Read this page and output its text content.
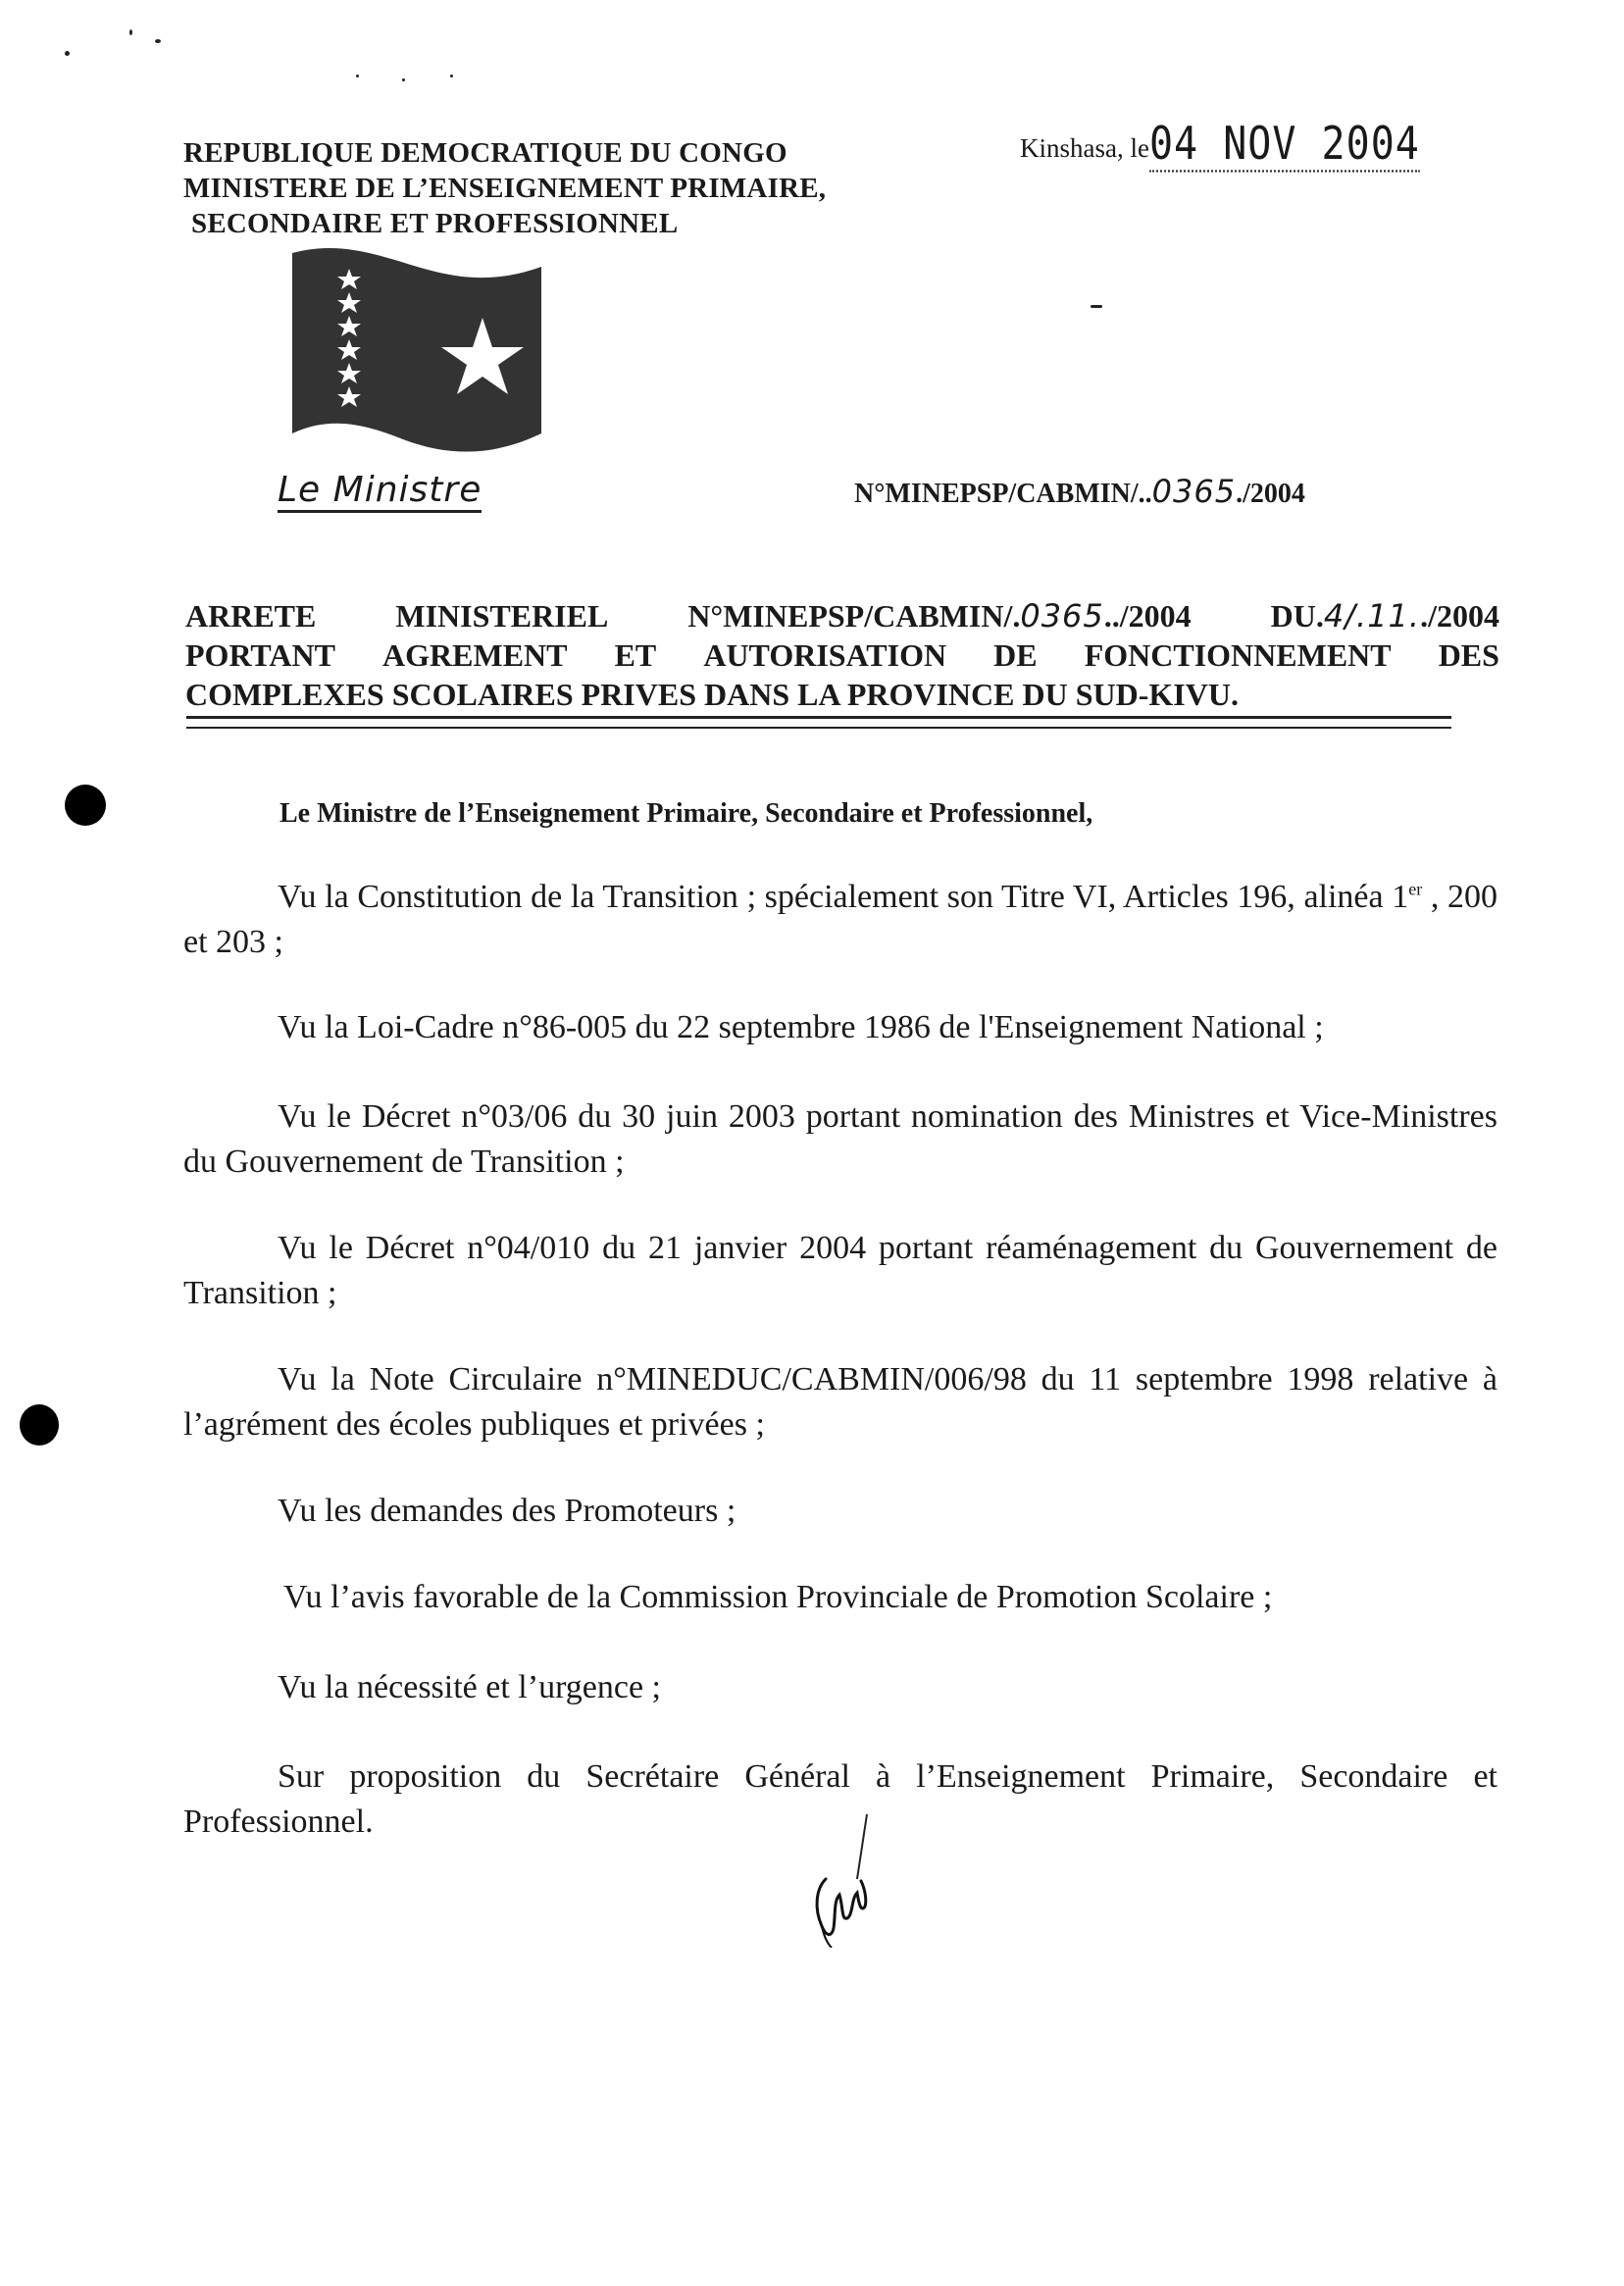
REPUBLIQUE DEMOCRATIQUE DU CONGO
MINISTERE DE L’ENSEIGNEMENT PRIMAIRE,
SECONDAIRE ET PROFESSIONNEL
Kinshasa, le04 NOV 2004
Le Ministre	N°MINEPSP/CABMIN/..0365./2004
ARRETE	MINISTERIEL	N°MINEPSP/CABMIN/.0365../2004	DU.4/.11../2004
PORTANT AGREMENT ET AUTORISATION DE FONCTIONNEMENT DES
COMPLEXES SCOLAIRES PRIVES DANS LA PROVINCE DU SUD-KIVU.
Le Ministre de l’Enseignement Primaire, Secondaire et Professionnel,
Vu la Constitution de la Transition ; spécialement son Titre VI, Articles 196, alinéa 1er , 200 et 203 ;
Vu la Loi-Cadre n°86-005 du 22 septembre 1986 de l'Enseignement National ;
Vu le Décret n°03/06 du 30 juin 2003 portant nomination des Ministres et Vice-Ministres du Gouvernement de Transition ;
Vu le Décret n°04/010 du 21 janvier 2004 portant réaménagement du Gouvernement de Transition ;
Vu la Note Circulaire n°MINEDUC/CABMIN/006/98 du 11 septembre 1998 relative à l’agrément des écoles publiques et privées ;
Vu les demandes des Promoteurs ;
Vu l’avis favorable de la Commission Provinciale de Promotion Scolaire ;
Vu la nécessité et l’urgence ;
Sur proposition du Secrétaire Général à l’Enseignement Primaire, Secondaire et Professionnel.
